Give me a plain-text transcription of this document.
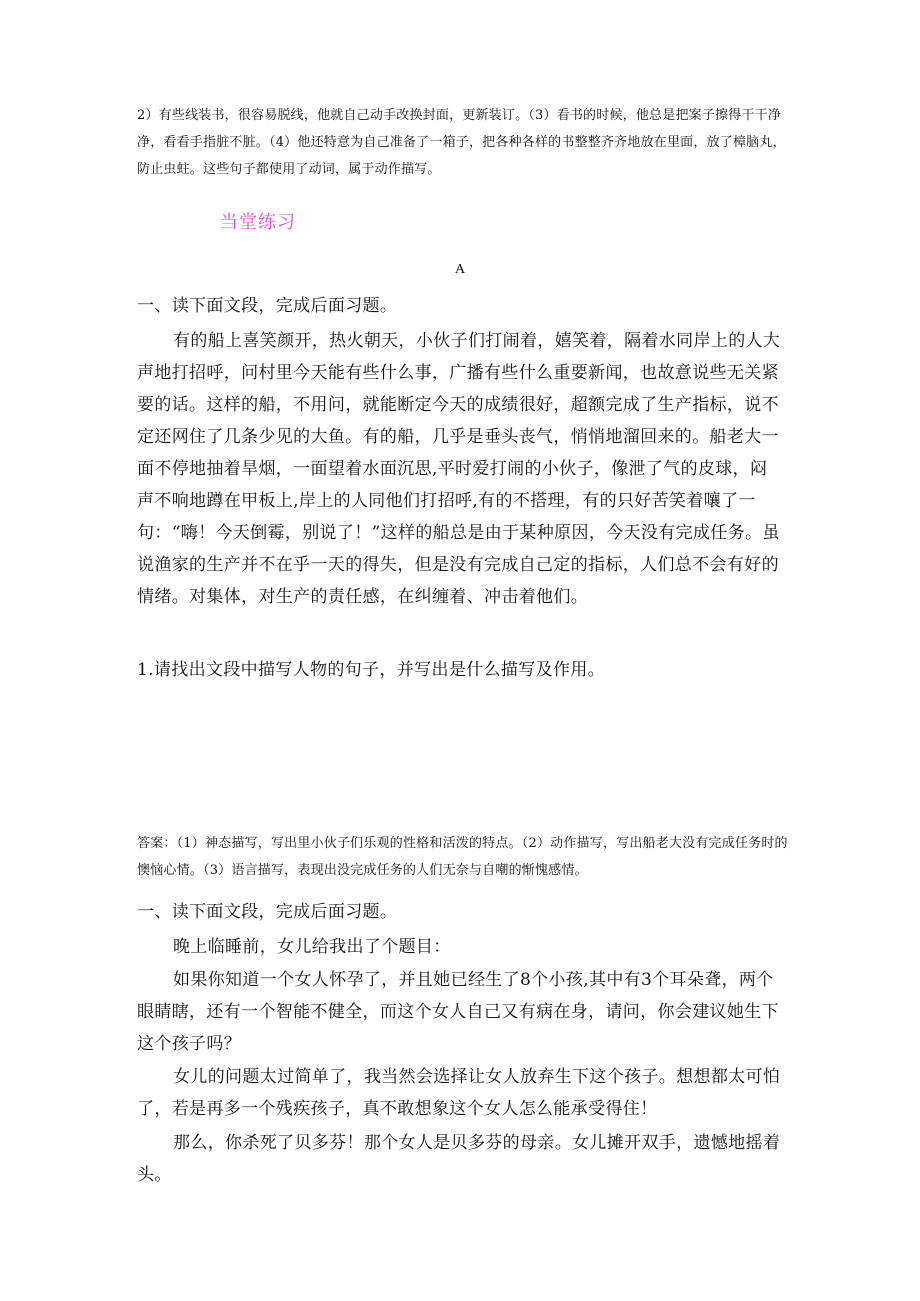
2）有些线装书，很容易脱线，他就自己动手改换封面，更新装订。（3）看书的时候，他总是把案子擦得干干净净，看看手指脏不脏。（4）他还特意为自己准备了一箱子，把各种各样的书整整齐齐地放在里面，放了樟脑丸，防止虫蛀。这些句子都使用了动词，属于动作描写。

当堂练习
A

一、读下面文段，完成后面习题。

有的船上喜笑颜开，热火朝天，小伙子们打闹着，嬉笑着，隔着水同岸上的人大声地打招呼，问村里今天能有些什么事，广播有些什么重要新闻，也故意说些无关紧要的话。这样的船，不用问，就能断定今天的成绩很好，超额完成了生产指标，说不定还网住了几条少见的大鱼。有的船，几乎是垂头丧气，悄悄地溜回来的。船老大一面不停地抽着旱烟，一面望着水面沉思,平时爱打闹的小伙子，像泄了气的皮球，闷声不响地蹲在甲板上,岸上的人同他们打招呼,有的不搭理，有的只好苦笑着嚷了一句：“嗨！今天倒霉，别说了！”这样的船总是由于某种原因，今天没有完成任务。虽说渔家的生产并不在乎一天的得失，但是没有完成自己定的指标，人们总不会有好的情绪。对集体，对生产的责任感，在纠缠着、冲击着他们。

1.请找出文段中描写人物的句子，并写出是什么描写及作用。

答案：（1）神态描写，写出里小伙子们乐观的性格和活泼的特点。（2）动作描写，写出船老大没有完成任务时的懊恼心情。（3）语言描写，表现出没完成任务的人们无奈与自嘲的惭愧感情。

一、读下面文段，完成后面习题。

晚上临睡前，女儿给我出了个题目：

如果你知道一个女人怀孕了，并且她已经生了8个小孩,其中有3个耳朵聋，两个眼睛瞎，还有一个智能不健全，而这个女人自己又有病在身，请问，你会建议她生下这个孩子吗？

女儿的问题太过简单了，我当然会选择让女人放弃生下这个孩子。想想都太可怕了，若是再多一个残疾孩子，真不敢想象这个女人怎么能承受得住！

那么，你杀死了贝多芬！那个女人是贝多芬的母亲。女儿摊开双手，遗憾地摇着头。
